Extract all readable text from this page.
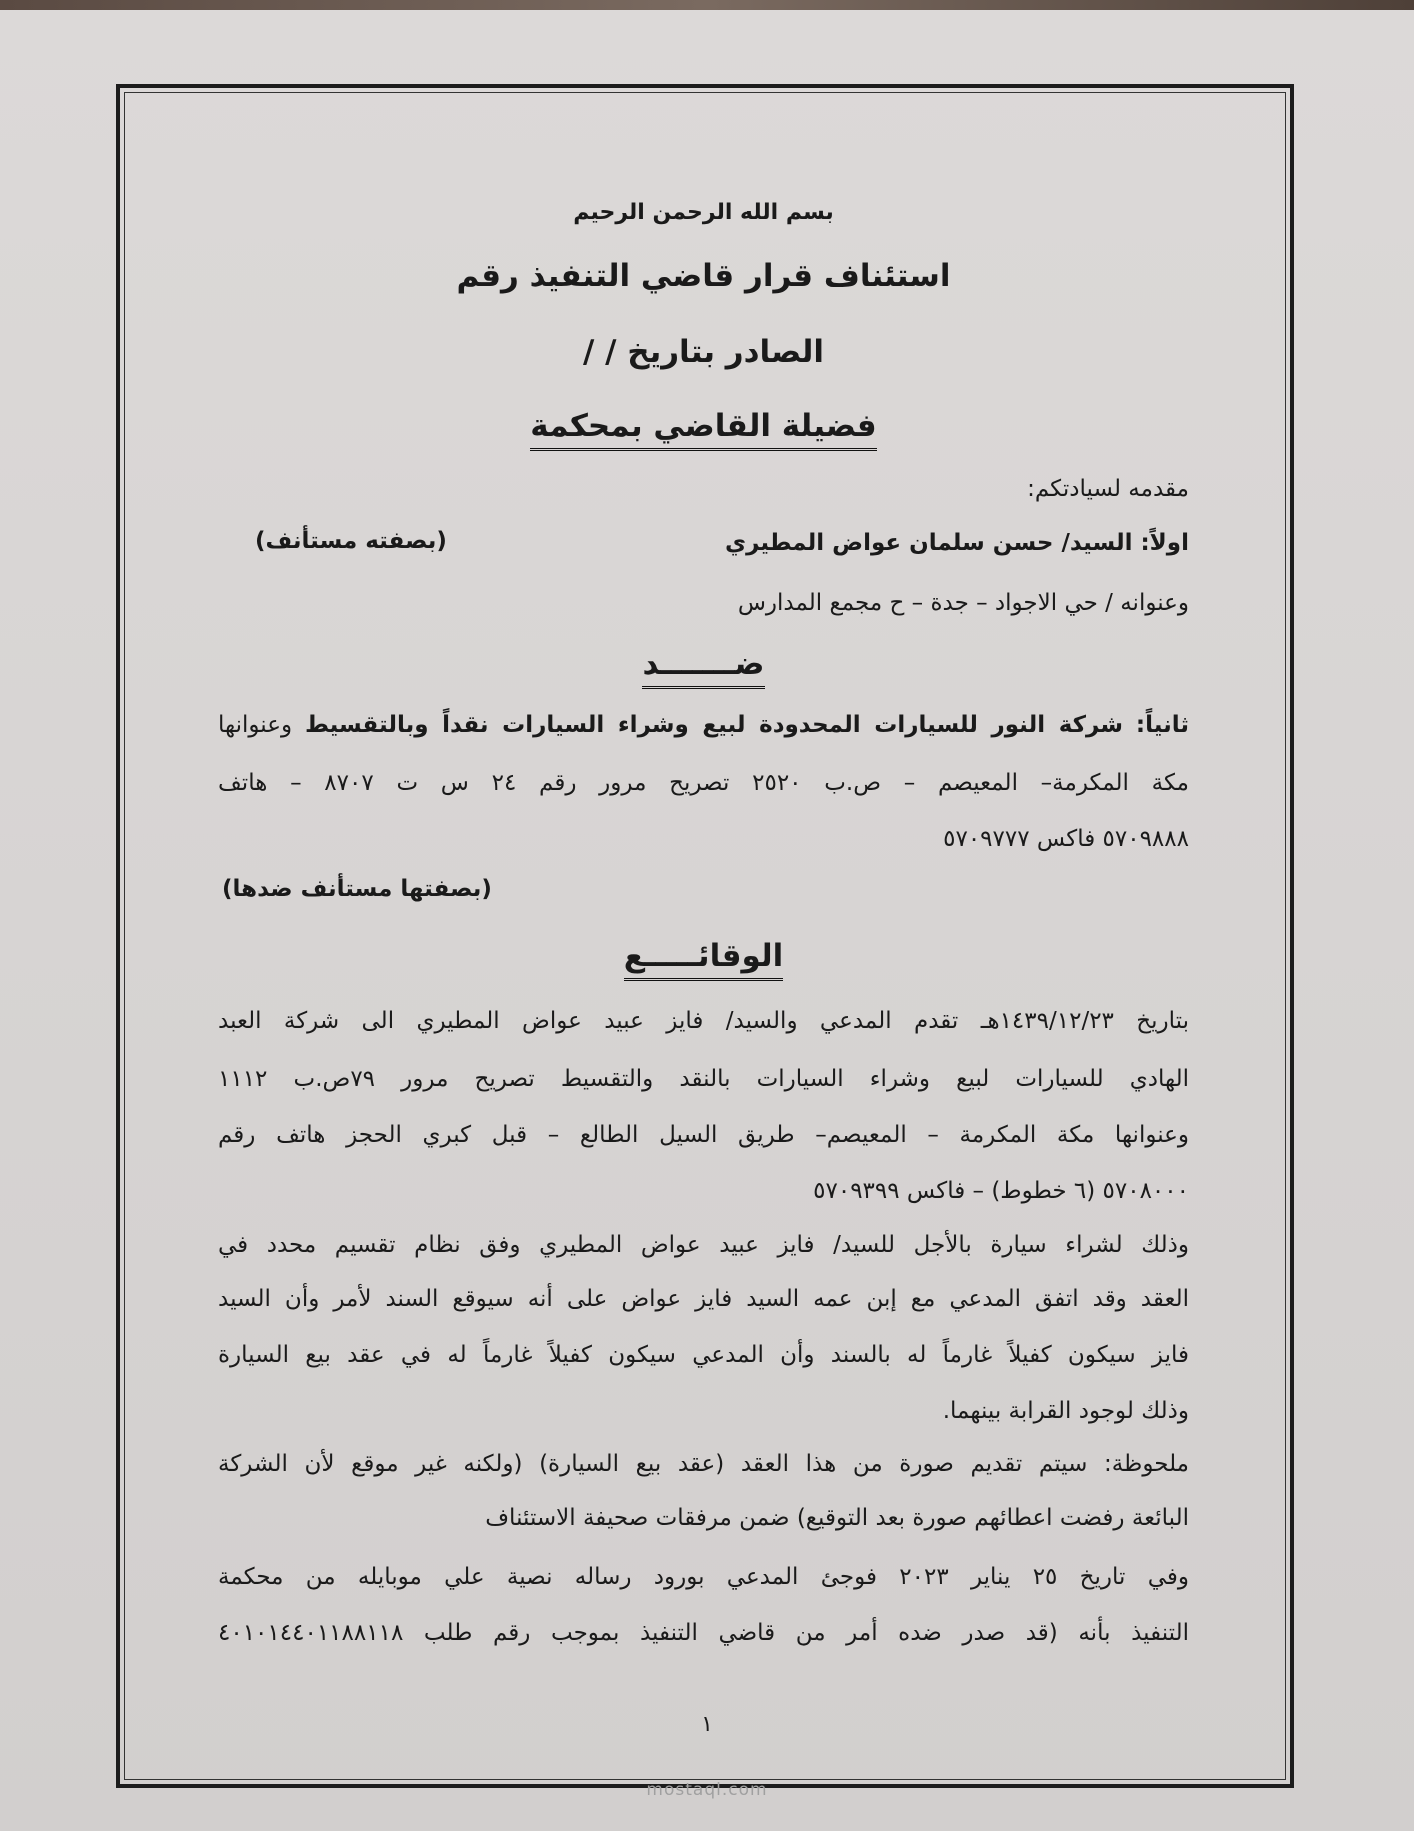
بسم الله الرحمن الرحيم
استئناف قرار قاضي التنفيذ رقم
الصادر بتاريخ / /
فضيلة القاضي بمحكمة
مقدمه لسيادتكم:
اولاً: السيد/ حسن سلمان عواض المطيري
(بصفته مستأنف)
وعنوانه / حي الاجواد – جدة – ح مجمع المدارس
ضـــــــد
ثانياً: شركة النور للسيارات المحدودة لبيع وشراء السيارات نقداً وبالتقسيط وعنوانها
مكة المكرمة– المعيصم – ص.ب ٢٥٢٠ تصريح مرور رقم ٢٤ س ت ٨٧٠٧ – هاتف
٥٧٠٩٨٨٨ فاكس ٥٧٠٩٧٧٧
(بصفتها مستأنف ضدها)
الوقائـــــع
بتاريخ ١٤٣٩/١٢/٢٣هـ تقدم المدعي والسيد/ فايز عبيد عواض المطيري الى شركة العبد
الهادي للسيارات لبيع وشراء السيارات بالنقد والتقسيط تصريح مرور ٧٩ص.ب ١١١٢
وعنوانها مكة المكرمة – المعيصم– طريق السيل الطالع – قبل كبري الحجز هاتف رقم
٥٧٠٨٠٠٠ (٦ خطوط) – فاكس ٥٧٠٩٣٩٩
وذلك لشراء سيارة بالأجل للسيد/ فايز عبيد عواض المطيري وفق نظام تقسيم محدد في
العقد وقد اتفق المدعي مع إبن عمه السيد فايز عواض على أنه سيوقع السند لأمر وأن السيد
فايز سيكون كفيلاً غارماً له بالسند وأن المدعي سيكون كفيلاً غارماً له في عقد بيع السيارة
وذلك لوجود القرابة بينهما.
ملحوظة: سيتم تقديم صورة من هذا العقد (عقد بيع السيارة) (ولكنه غير موقع لأن الشركة
البائعة رفضت اعطائهم صورة بعد التوقيع) ضمن مرفقات صحيفة الاستئناف
وفي تاريخ ٢٥ يناير ٢٠٢٣ فوجئ المدعي بورود رساله نصية علي موبايله من محكمة
التنفيذ بأنه (قد صدر ضده أمر من قاضي التنفيذ بموجب رقم طلب ٤٠١٠١٤٤٠١١٨٨١١٨
١
mostaql.com
